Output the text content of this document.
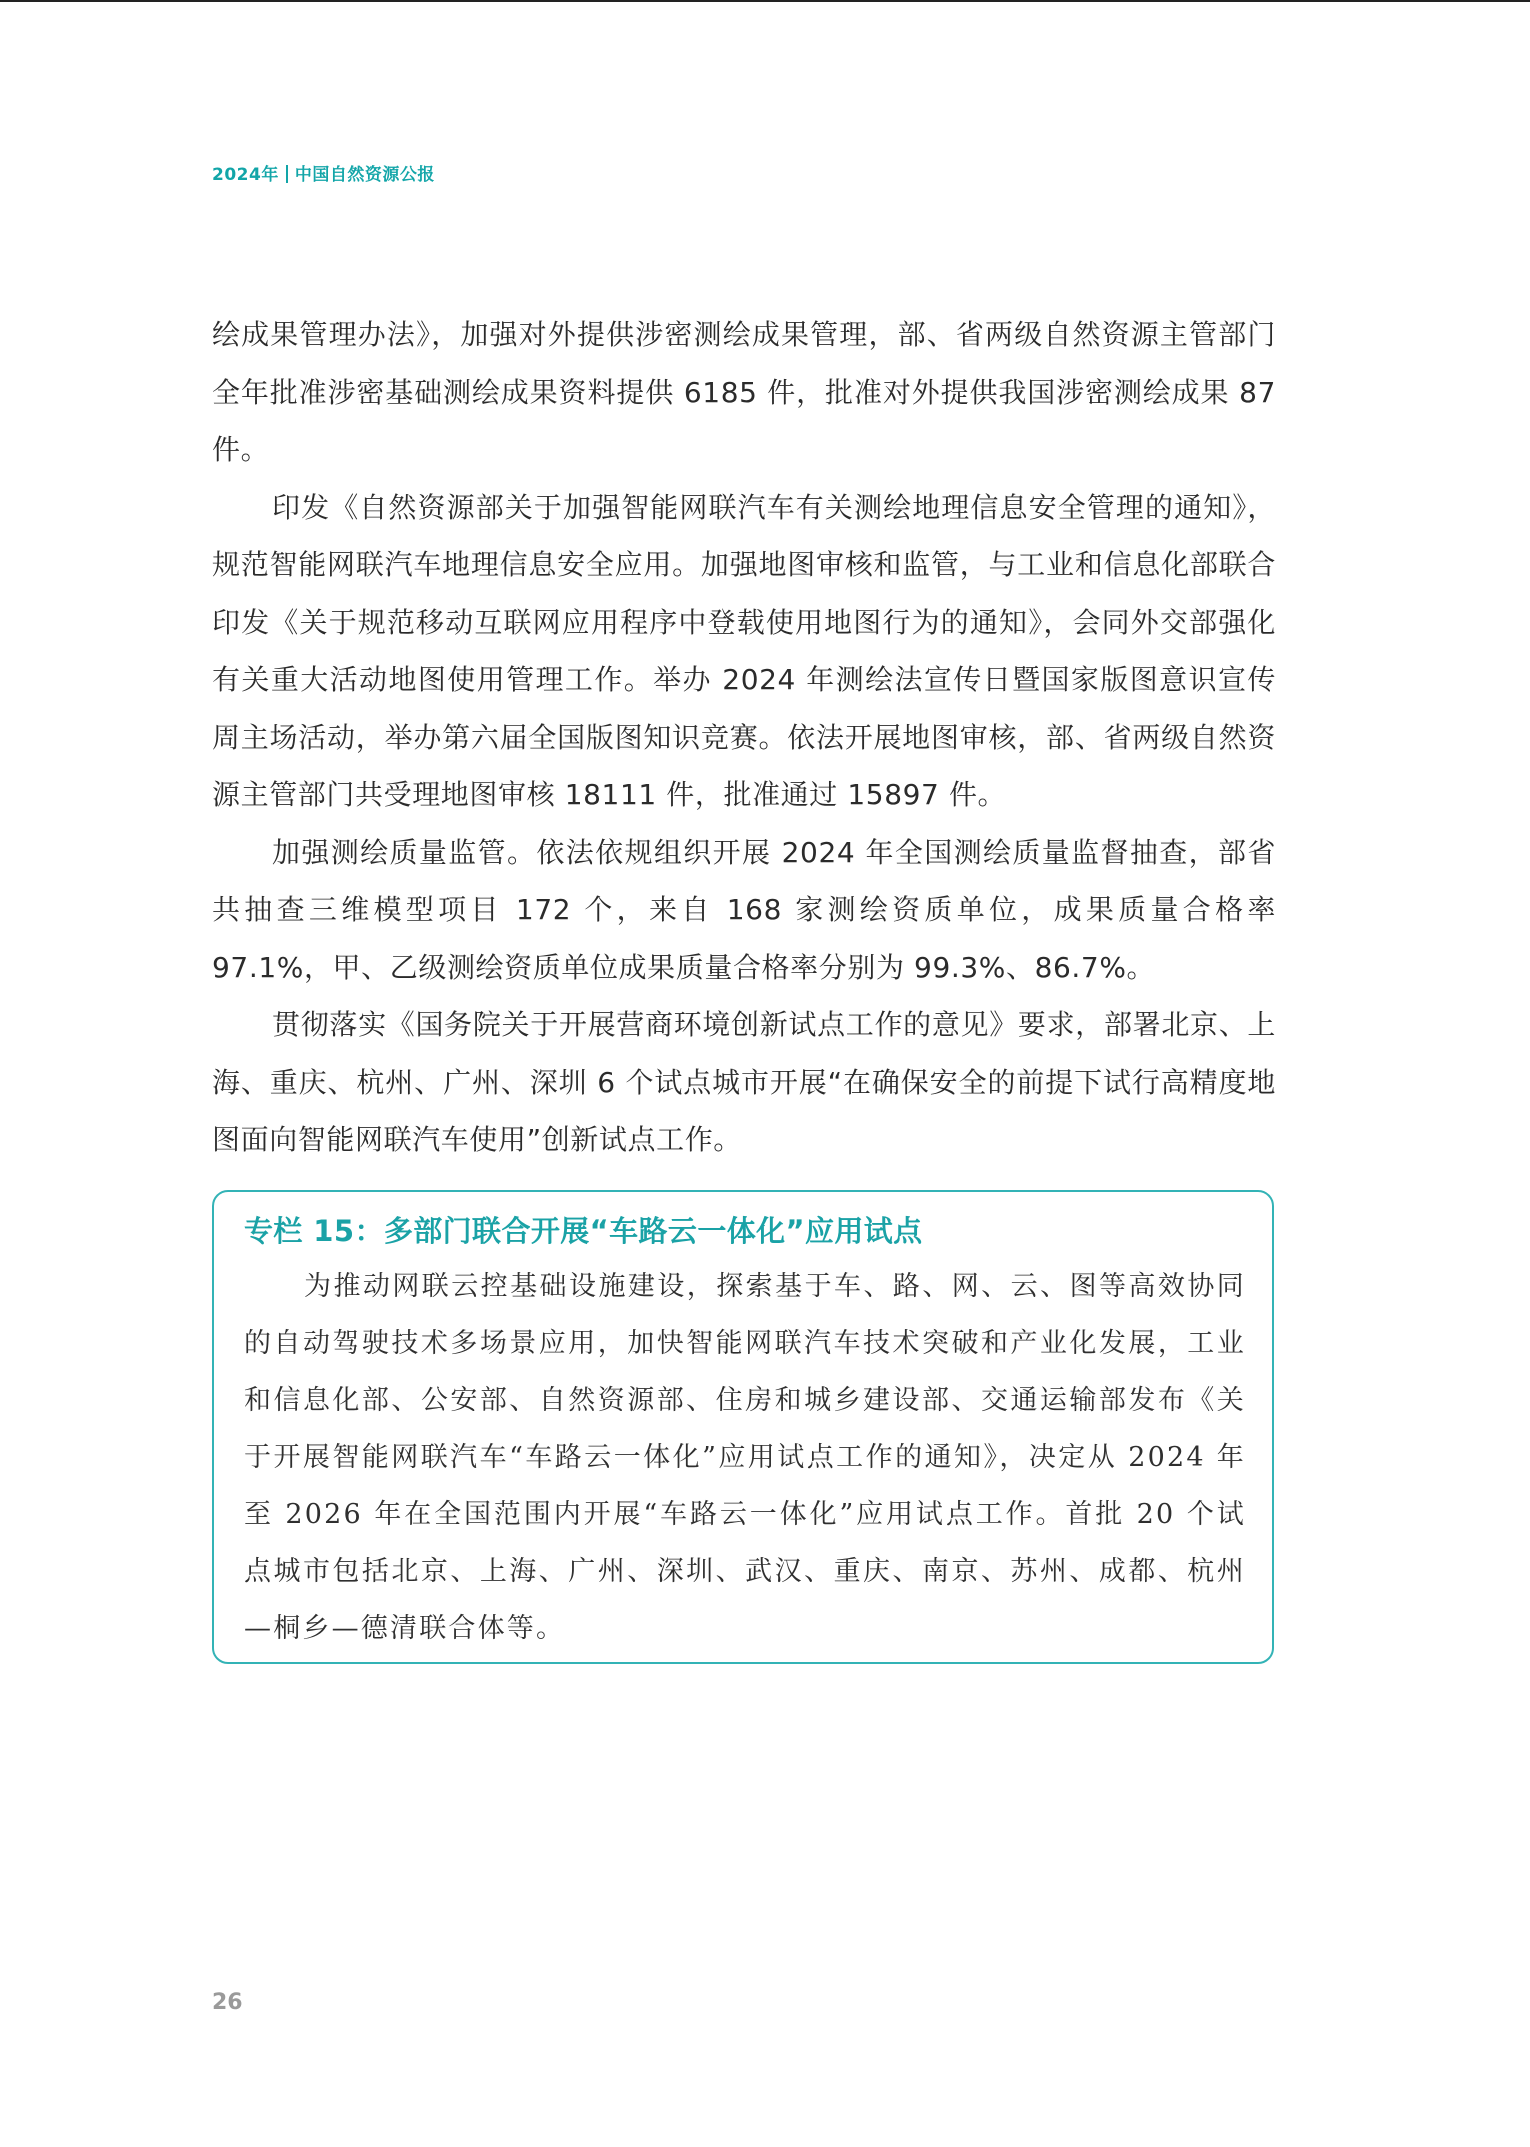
2024年 中国自然资源公报

绘成果管理办法》，加强对外提供涉密测绘成果管理，部、省两级自然资源主管部门全年批准涉密基础测绘成果资料提供 6185 件，批准对外提供我国涉密测绘成果 87 件。

印发《自然资源部关于加强智能网联汽车有关测绘地理信息安全管理的通知》，规范智能网联汽车地理信息安全应用。加强地图审核和监管，与工业和信息化部联合印发《关于规范移动互联网应用程序中登载使用地图行为的通知》，会同外交部强化有关重大活动地图使用管理工作。举办 2024 年测绘法宣传日暨国家版图意识宣传周主场活动，举办第六届全国版图知识竞赛。依法开展地图审核，部、省两级自然资源主管部门共受理地图审核 18111 件，批准通过 15897 件。

加强测绘质量监管。依法依规组织开展 2024 年全国测绘质量监督抽查，部省共抽查三维模型项目 172 个，来自 168 家测绘资质单位，成果质量合格率 97.1%，甲、乙级测绘资质单位成果质量合格率分别为 99.3%、86.7%。

贯彻落实《国务院关于开展营商环境创新试点工作的意见》要求，部署北京、上海、重庆、杭州、广州、深圳 6 个试点城市开展“在确保安全的前提下试行高精度地图面向智能网联汽车使用”创新试点工作。

专栏 15：多部门联合开展“车路云一体化”应用试点

为推动网联云控基础设施建设，探索基于车、路、网、云、图等高效协同的自动驾驶技术多场景应用，加快智能网联汽车技术突破和产业化发展，工业和信息化部、公安部、自然资源部、住房和城乡建设部、交通运输部发布《关于开展智能网联汽车“车路云一体化”应用试点工作的通知》，决定从 2024 年至 2026 年在全国范围内开展“车路云一体化”应用试点工作。首批 20 个试点城市包括北京、上海、广州、深圳、武汉、重庆、南京、苏州、成都、杭州—桐乡—德清联合体等。

26
